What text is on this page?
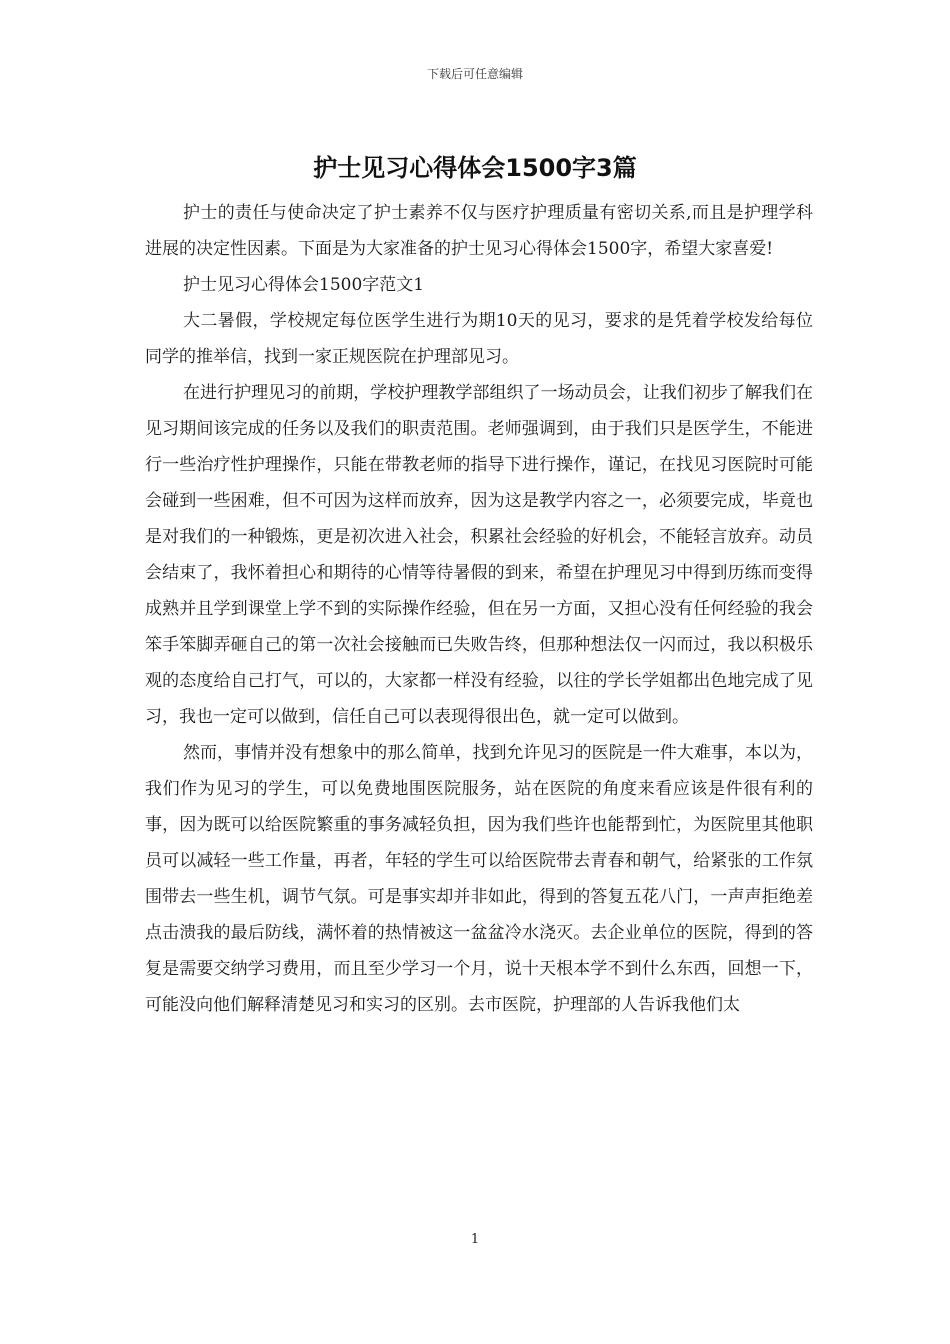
下载后可任意编辑
护士见习心得体会1500字3篇

护士的责任与使命决定了护士素养不仅与医疗护理质量有密切关系,而且是护理学科进展的决定性因素。下面是为大家准备的护士见习心得体会1500字，希望大家喜爱!

护士见习心得体会1500字范文1

大二暑假，学校规定每位医学生进行为期10天的见习，要求的是凭着学校发给每位同学的推举信，找到一家正规医院在护理部见习。

在进行护理见习的前期，学校护理教学部组织了一场动员会，让我们初步了解我们在见习期间该完成的任务以及我们的职责范围。老师强调到，由于我们只是医学生，不能进行一些治疗性护理操作，只能在带教老师的指导下进行操作，谨记，在找见习医院时可能会碰到一些困难，但不可因为这样而放弃，因为这是教学内容之一，必须要完成，毕竟也是对我们的一种锻炼，更是初次进入社会，积累社会经验的好机会，不能轻言放弃。动员会结束了，我怀着担心和期待的心情等待暑假的到来，希望在护理见习中得到历练而变得成熟并且学到课堂上学不到的实际操作经验，但在另一方面，又担心没有任何经验的我会笨手笨脚弄砸自己的第一次社会接触而已失败告终，但那种想法仅一闪而过，我以积极乐观的态度给自己打气，可以的，大家都一样没有经验，以往的学长学姐都出色地完成了见习，我也一定可以做到，信任自己可以表现得很出色，就一定可以做到。

然而，事情并没有想象中的那么简单，找到允许见习的医院是一件大难事，本以为，我们作为见习的学生，可以免费地围医院服务，站在医院的角度来看应该是件很有利的事，因为既可以给医院繁重的事务减轻负担，因为我们些许也能帮到忙，为医院里其他职员可以减轻一些工作量，再者，年轻的学生可以给医院带去青春和朝气，给紧张的工作氛围带去一些生机，调节气氛。可是事实却并非如此，得到的答复五花八门，一声声拒绝差点击溃我的最后防线，满怀着的热情被这一盆盆冷水浇灭。去企业单位的医院，得到的答复是需要交纳学习费用，而且至少学习一个月，说十天根本学不到什么东西，回想一下，可能没向他们解释清楚见习和实习的区别。去市医院，护理部的人告诉我他们太

1
